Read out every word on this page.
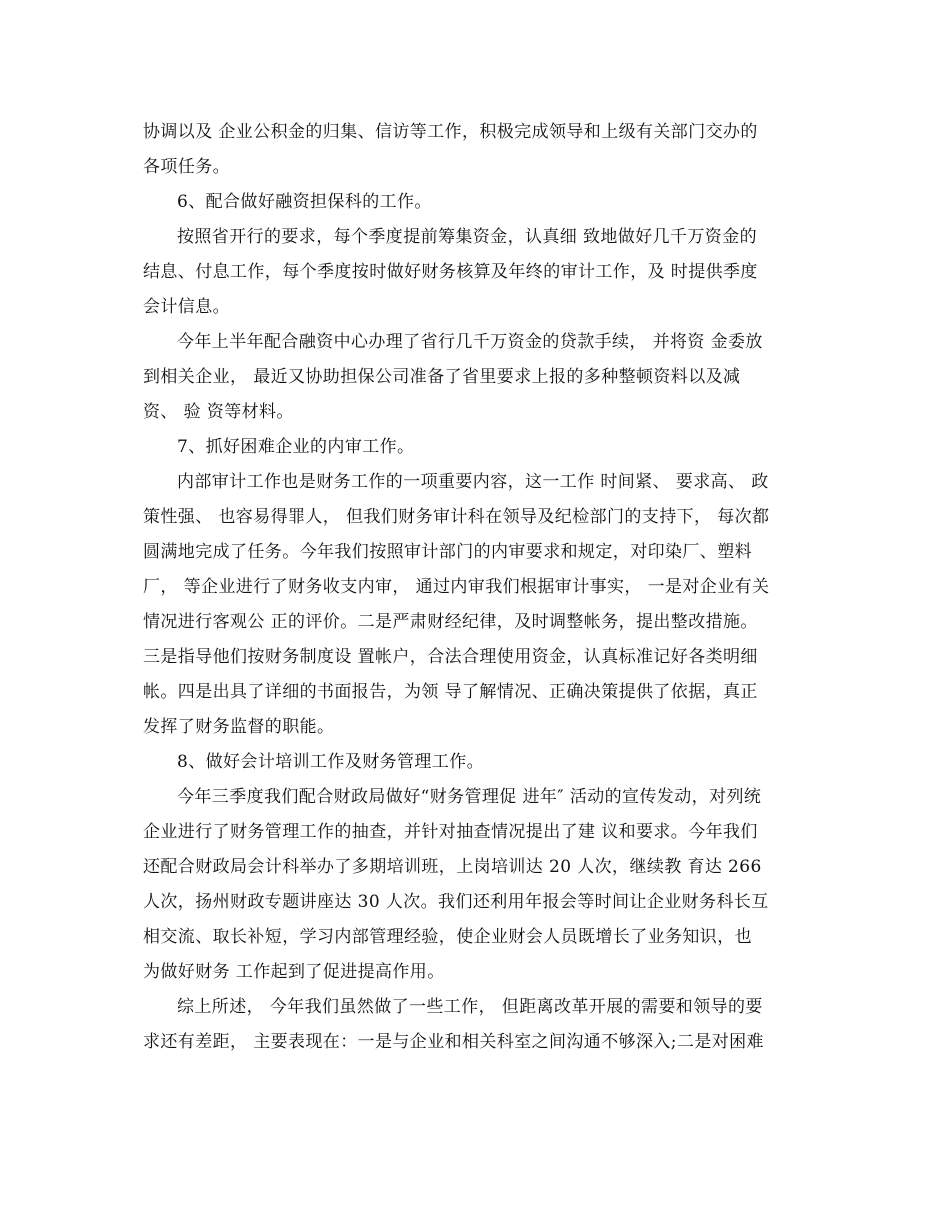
协调以及 企业公积金的归集、信访等工作，积极完成领导和上级有关部门交办的
各项任务。
6、配合做好融资担保科的工作。
按照省开行的要求，每个季度提前筹集资金，认真细 致地做好几千万资金的
结息、付息工作，每个季度按时做好财务核算及年终的审计工作，及 时提供季度
会计信息。
今年上半年配合融资中心办理了省行几千万资金的贷款手续， 并将资 金委放
到相关企业， 最近又协助担保公司准备了省里要求上报的多种整顿资料以及减
资、 验 资等材料。
7、抓好困难企业的内审工作。
内部审计工作也是财务工作的一项重要内容，这一工作 时间紧、 要求高、 政
策性强、 也容易得罪人， 但我们财务审计科在领导及纪检部门的支持下， 每次都
圆满地完成了任务。今年我们按照审计部门的内审要求和规定，对印染厂、塑料
厂， 等企业进行了财务收支内审， 通过内审我们根据审计事实， 一是对企业有关
情况进行客观公 正的评价。二是严肃财经纪律，及时调整帐务，提出整改措施。
三是指导他们按财务制度设 置帐户，合法合理使用资金，认真标准记好各类明细
帐。四是出具了详细的书面报告，为领 导了解情况、正确决策提供了依据，真正
发挥了财务监督的职能。
8、做好会计培训工作及财务管理工作。
今年三季度我们配合财政局做好“财务管理促 进年″ 活动的宣传发动，对列统
企业进行了财务管理工作的抽查，并针对抽查情况提出了建 议和要求。今年我们
还配合财政局会计科举办了多期培训班，上岗培训达 20 人次，继续教 育达 266
人次，扬州财政专题讲座达 30 人次。我们还利用年报会等时间让企业财务科长互
相交流、取长补短，学习内部管理经验，使企业财会人员既增长了业务知识，也
为做好财务 工作起到了促进提高作用。
综上所述， 今年我们虽然做了一些工作， 但距离改革开展的需要和领导的要
求还有差距， 主要表现在：一是与企业和相关科室之间沟通不够深入;二是对困难
